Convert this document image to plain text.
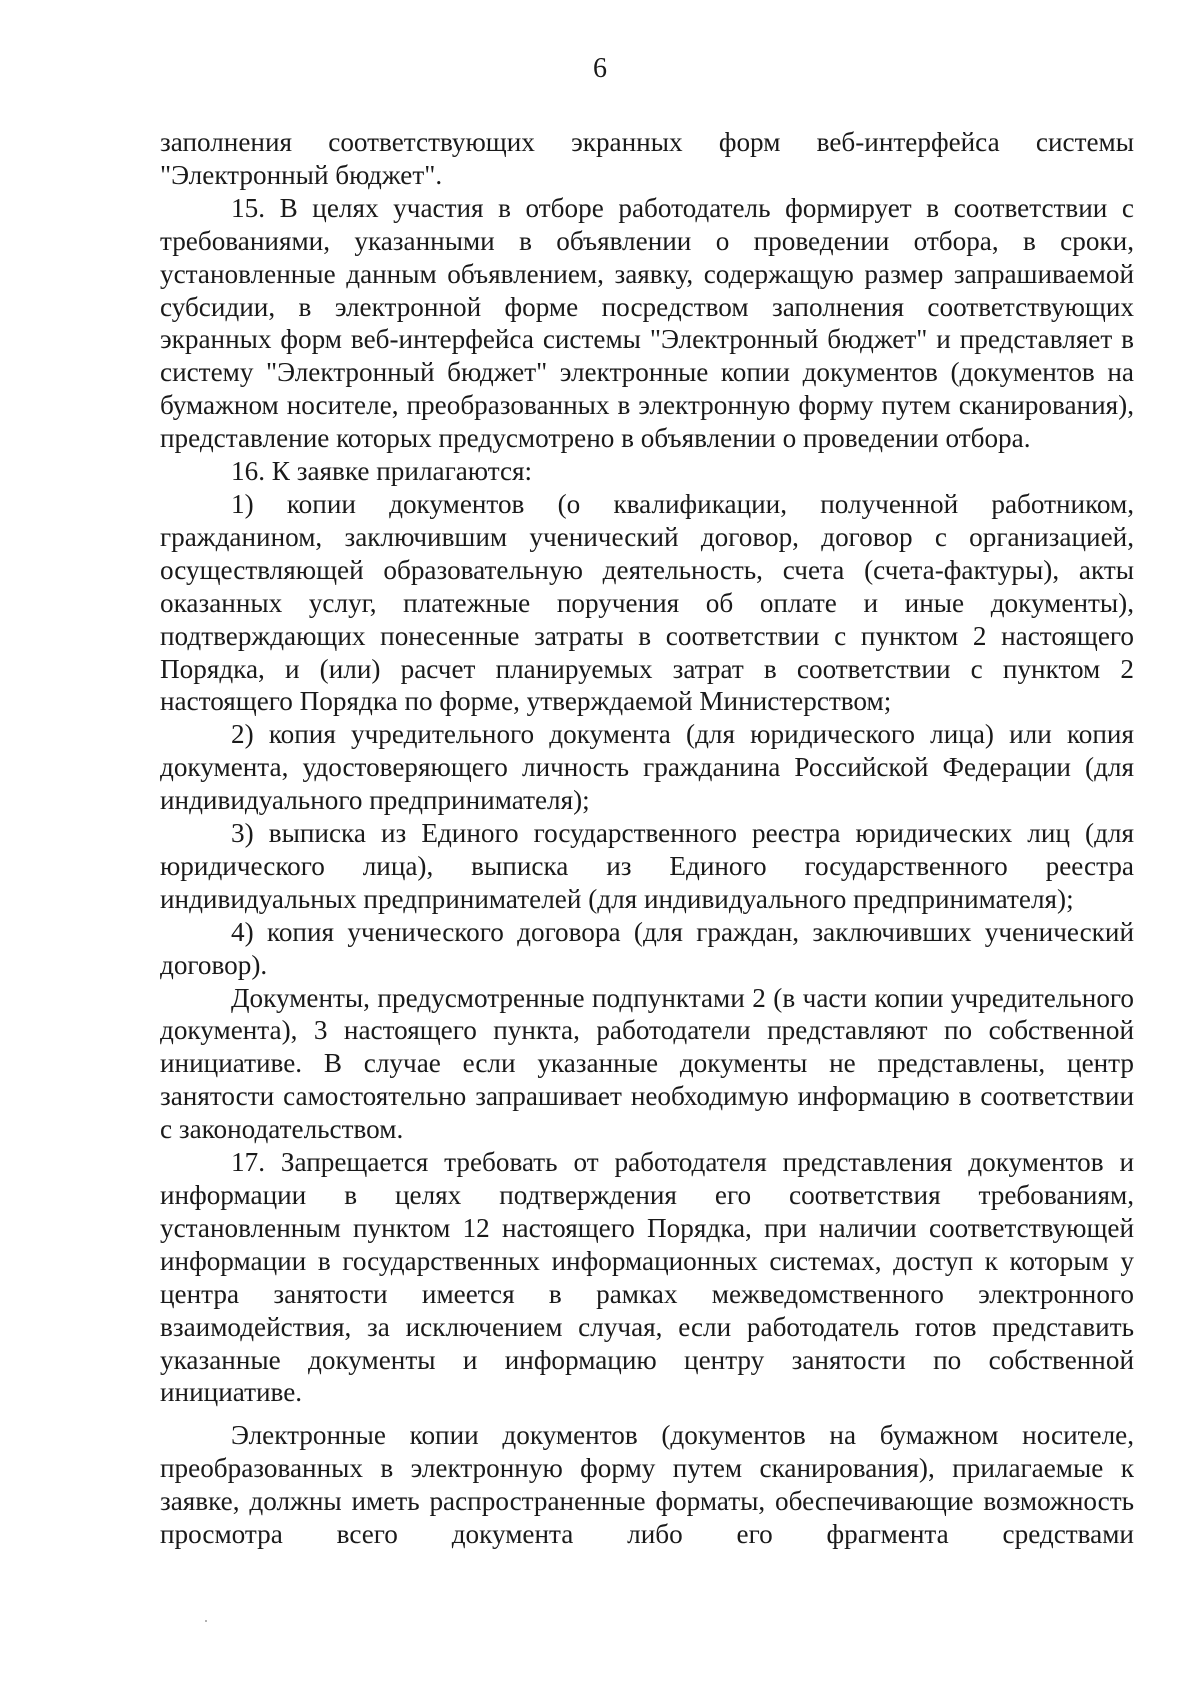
6

заполнения соответствующих экранных форм веб-интерфейса системы "Электронный бюджет".

15. В целях участия в отборе работодатель формирует в соответствии с требованиями, указанными в объявлении о проведении отбора, в сроки, установленные данным объявлением, заявку, содержащую размер запрашиваемой субсидии, в электронной форме посредством заполнения соответствующих экранных форм веб-интерфейса системы "Электронный бюджет" и представляет в систему "Электронный бюджет" электронные копии документов (документов на бумажном носителе, преобразованных в электронную форму путем сканирования), представление которых предусмотрено в объявлении о проведении отбора.

16. К заявке прилагаются:

1) копии документов (о квалификации, полученной работником, гражданином, заключившим ученический договор, договор с организацией, осуществляющей образовательную деятельность, счета (счета-фактуры), акты оказанных услуг, платежные поручения об оплате и иные документы), подтверждающих понесенные затраты в соответствии с пунктом 2 настоящего Порядка, и (или) расчет планируемых затрат в соответствии с пунктом 2 настоящего Порядка по форме, утверждаемой Министерством;

2) копия учредительного документа (для юридического лица) или копия документа, удостоверяющего личность гражданина Российской Федерации (для индивидуального предпринимателя);

3) выписка из Единого государственного реестра юридических лиц (для юридического лица), выписка из Единого государственного реестра индивидуальных предпринимателей (для индивидуального предпринимателя);

4) копия ученического договора (для граждан, заключивших ученический договор).

Документы, предусмотренные подпунктами 2 (в части копии учредительного документа), 3 настоящего пункта, работодатели представляют по собственной инициативе. В случае если указанные документы не представлены, центр занятости самостоятельно запрашивает необходимую информацию в соответствии с законодательством.

17. Запрещается требовать от работодателя представления документов и информации в целях подтверждения его соответствия требованиям, установленным пунктом 12 настоящего Порядка, при наличии соответствующей информации в государственных информационных системах, доступ к которым у центра занятости имеется в рамках межведомственного электронного взаимодействия, за исключением случая, если работодатель готов представить указанные документы и информацию центру занятости по собственной инициативе.

Электронные копии документов (документов на бумажном носителе, преобразованных в электронную форму путем сканирования), прилагаемые к заявке, должны иметь распространенные форматы, обеспечивающие возможность просмотра всего документа либо его фрагмента средствами
